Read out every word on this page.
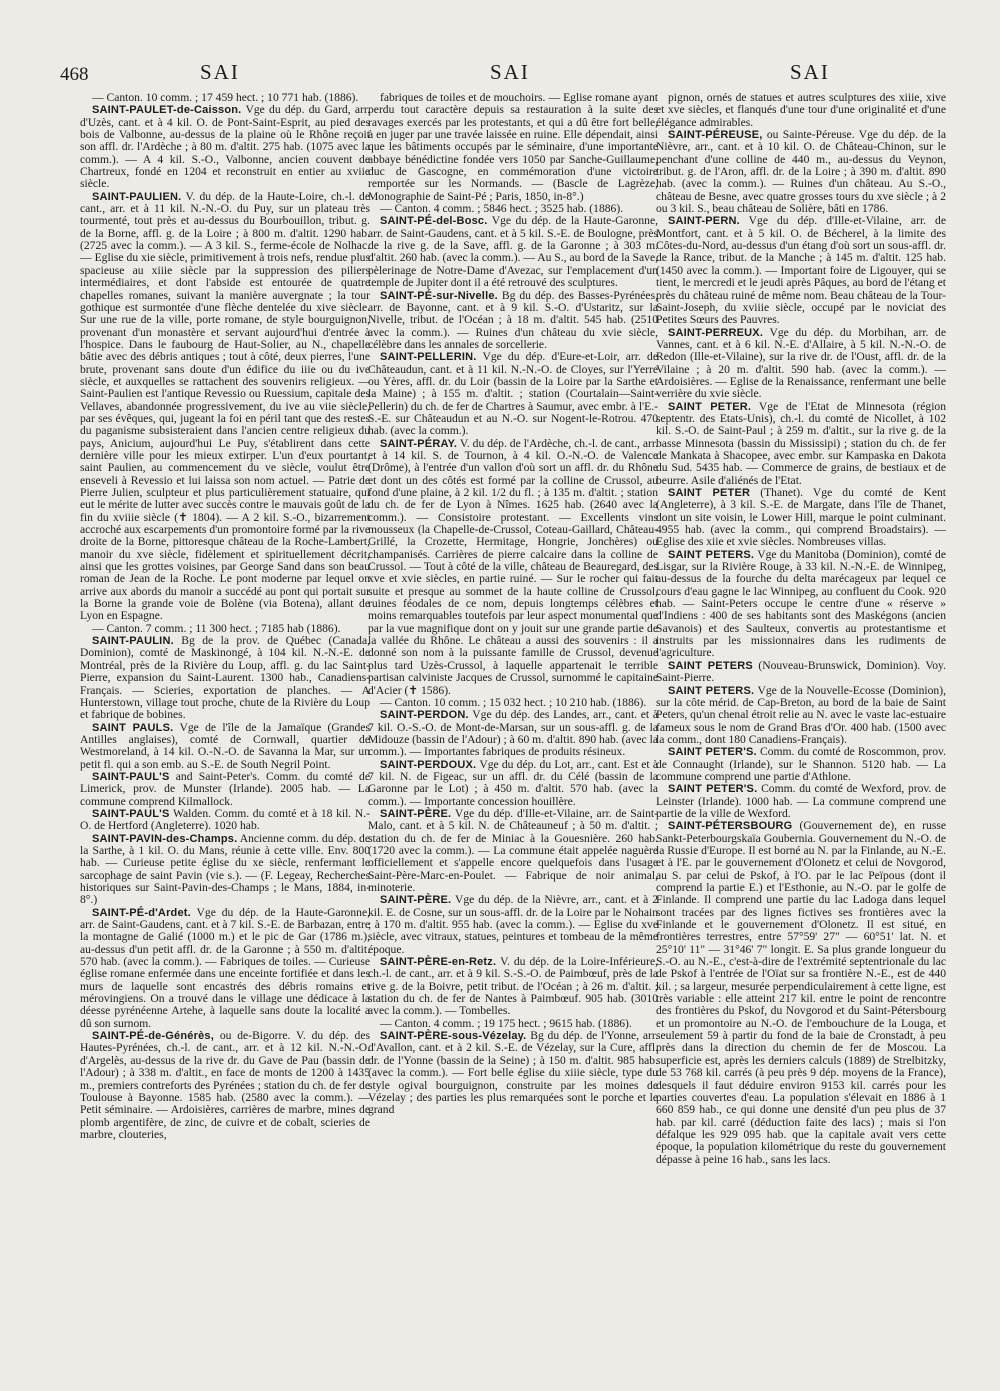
468	SAI	SAI	SAI

— Canton. 10 comm. ; 17 459 hect. ; 10 771 hab. (1886).

SAINT-PAULET-de-Caisson. Vge du dép. du Gard, arr. d'Uzès, cant. et à 4 kil. O. de Pont-Saint-Esprit, au pied des bois de Valbonne, au-dessus de la plaine où le Rhône reçoit son affl. dr. l'Ardèche ; à 80 m. d'altit. 275 hab. (1075 avec la comm.). — A 4 kil. S.-O., Valbonne, ancien couvent de Chartreux, fondé en 1204 et reconstruit en entier au xviie siècle.

SAINT-PAULIEN. V. du dép. de la Haute-Loire, ch.-l. de cant., arr. et à 11 kil. N.-N.-O. du Puy, sur un plateau très tourmenté, tout près et au-dessus du Bourbouillon, tribut. g. de la Borne, affl. g. de la Loire ; à 800 m. d'altit. 1290 hab. (2725 avec la comm.). — A 3 kil. S., ferme-école de Nolhac. — Eglise du xie siècle, primitivement à trois nefs, rendue plus spacieuse au xiiie siècle par la suppression des piliers intermédiaires, et dont l'abside est entourée de quatre chapelles romanes, suivant la manière auvergnate ; la tour gothique est surmontée d'une flèche dentelée du xive siècle. Sur une rue de la ville, porte romane, de style bourguignon, provenant d'un monastère et servant aujourd'hui d'entrée à l'hospice. Dans le faubourg de Haut-Solier, au N., chapelle bâtie avec des débris antiques ; tout à côté, deux pierres, l'une brute, provenant sans doute d'un édifice du iiie ou du ive siècle, et auxquelles se rattachent des souvenirs religieux. — Saint-Paulien est l'antique Revessio ou Ruessium, capitale des Vellaves, abandonnée progressivement, du ive au viie siècle, par ses évêques, qui, jugeant la foi en péril tant que des restes du paganisme subsisteraient dans l'ancien centre religieux du pays, Anicium, aujourd'hui Le Puy, s'établirent dans cette dernière ville pour les mieux extirper. L'un d'eux pourtant, saint Paulien, au commencement du ve siècle, voulut être enseveli à Revessio et lui laissa son nom actuel. — Patrie de Pierre Julien, sculpteur et plus particulièrement statuaire, qui eut le mérite de lutter avec succès contre le mauvais goût de la fin du xviiie siècle (✝ 1804). — A 2 kil. S.-O., bizarrement accroché aux escarpements d'un promontoire formé par la rive droite de la Borne, pittoresque château de la Roche-Lambert, manoir du xve siècle, fidèlement et spirituellement décrit, ainsi que les grottes voisines, par George Sand dans son beau roman de Jean de la Roche. Le pont moderne par lequel on arrive aux abords du manoir a succédé au pont qui portait sur la Borne la grande voie de Bolène (via Botena), allant de Lyon en Espagne.

— Canton. 7 comm. ; 11 300 hect. ; 7185 hab (1886).

SAINT-PAULIN. Bg de la prov. de Québec (Canada, Dominion), comté de Maskinongé, à 104 kil. N.-N.-E. de Montréal, près de la Rivière du Loup, affl. g. du lac Saint-Pierre, expansion du Saint-Laurent. 1300 hab., Canadiens-Français. — Scieries, exportation de planches. — A Hunterstown, village tout proche, chute de la Rivière du Loup et fabrique de bobines.

SAINT PAULS. Vge de l'île de la Jamaïque (Grandes Antilles anglaises), comté de Cornwall, quartier de Westmoreland, à 14 kil. O.-N.-O. de Savanna la Mar, sur un petit fl. qui a son emb. au S.-E. de South Negril Point.

SAINT-PAUL'S and Saint-Peter's. Comm. du comté de Limerick, prov. de Munster (Irlande). 2005 hab. — La commune comprend Kilmallock.

SAINT-PAUL'S Walden. Comm. du comté et à 18 kil. N.-O. de Hertford (Angleterre). 1020 hab.

SAINT-PAVIN-des-Champs. Ancienne comm. du dép. de la Sarthe, à 1 kil. O. du Mans, réunie à cette ville. Env. 800 hab. — Curieuse petite église du xe siècle, renfermant le sarcophage de saint Pavin (vie s.). — (F. Legeay, Recherches historiques sur Saint-Pavin-des-Champs ; le Mans, 1884, in-8°.)

SAINT-PÉ-d'Ardet. Vge du dép. de la Haute-Garonne, arr. de Saint-Gaudens, cant. et à 7 kil. S.-E. de Barbazan, entre la montagne de Galié (1000 m.) et le pic de Gar (1786 m.), au-dessus d'un petit affl. dr. de la Garonne ; à 550 m. d'altit. 570 hab. (avec la comm.). — Fabriques de toiles. — Curieuse église romane enfermée dans une enceinte fortifiée et dans les murs de laquelle sont encastrés des débris romains et mérovingiens. On a trouvé dans le village une dédicace à la déesse pyrénéenne Artehe, à laquelle sans doute la localité a dû son surnom.

SAINT-PÉ-de-Générès, ou de-Bigorre. V. du dép. des Hautes-Pyrénées, ch.-l. de cant., arr. et à 12 kil. N.-N.-O. d'Argelès, au-dessus de la rive dr. du Gave de Pau (bassin de l'Adour) ; à 338 m. d'altit., en face de monts de 1200 à 1435 m., premiers contreforts des Pyrénées ; station du ch. de fer de Toulouse à Bayonne. 1585 hab. (2580 avec la comm.). — Petit séminaire. — Ardoisières, carrières de marbre, mines de plomb argentifère, de zinc, de cuivre et de cobalt, scieries de marbre, clouteries,

fabriques de toiles et de mouchoirs. — Eglise romane ayant perdu tout caractère depuis sa restauration à la suite des ravages exercés par les protestants, et qui a dû être fort belle, à en juger par une travée laissée en ruine. Elle dépendait, ainsi que les bâtiments occupés par le séminaire, d'une importante abbaye bénédictine fondée vers 1050 par Sanche-Guillaume, duc de Gascogne, en commémoration d'une victoire remportée sur les Normands. — (Bascle de Lagrèze, Monographie de Saint-Pé ; Paris, 1850, in-8°.)

— Canton. 4 comm. ; 5846 hect. ; 3525 hab. (1886).

SAINT-PÉ-del-Bosc. Vge du dép. de la Haute-Garonne, arr. de Saint-Gaudens, cant. et à 5 kil. S.-E. de Boulogne, près de la rive g. de la Save, affl. g. de la Garonne ; à 303 m. d'altit. 260 hab. (avec la comm.). — Au S., au bord de la Save, pèlerinage de Notre-Dame d'Avezac, sur l'emplacement d'un temple de Jupiter dont il a été retrouvé des sculptures.

SAINT-PÉ-sur-Nivelle. Bg du dép. des Basses-Pyrénées, arr. de Bayonne, cant. et à 9 kil. S.-O. d'Ustaritz, sur la Nivelle, tribut. de l'Océan ; à 18 m. d'altit. 545 hab. (2510 avec la comm.). — Ruines d'un château du xvie siècle, célèbre dans les annales de sorcellerie.

SAINT-PELLERIN. Vge du dép. d'Eure-et-Loir, arr. de Châteaudun, cant. et à 11 kil. N.-N.-O. de Cloyes, sur l'Yerre ou Yères, affl. dr. du Loir (bassin de la Loire par la Sarthe et la Maine) ; à 155 m. d'altit. ; station (Courtalain—Saint-Pellerin) du ch. de fer de Chartres à Saumur, avec embr. à l'E.-S.-E. sur Châteaudun et au N.-O. sur Nogent-le-Rotrou. 470 hab. (avec la comm.).

SAINT-PÉRAY. V. du dép. de l'Ardèche, ch.-l. de cant., arr. et à 14 kil. S. de Tournon, à 4 kil. O.-N.-O. de Valence (Drôme), à l'entrée d'un vallon d'où sort un affl. dr. du Rhône et dont un des côtés est formé par la colline de Crussol, au fond d'une plaine, à 2 kil. 1/2 du fl. ; à 135 m. d'altit. ; station du ch. de fer de Lyon à Nîmes. 1625 hab. (2640 avec la comm.). — Consistoire protestant. — Excellents vins mousseux (la Chapelle-de-Crussol, Coteau-Gaillard, Château-Grillé, la Crozette, Hermitage, Hongrie, Jonchères) ou champanisés. Carrières de pierre calcaire dans la colline de Crussol. — Tout à côté de la ville, château de Beauregard, des xve et xvie siècles, en partie ruiné. — Sur le rocher qui fait suite et presque au sommet de la haute colline de Crussol, ruines féodales de ce nom, depuis longtemps célèbres et moins remarquables toutefois par leur aspect monumental que par la vue magnifique dont on y jouit sur une grande partie de la vallée du Rhône. Le château a aussi des souvenirs : il a donné son nom à la puissante famille de Crussol, devenue plus tard Uzès-Crussol, à laquelle appartenait le terrible partisan calviniste Jacques de Crussol, surnommé le capitaine d'Acier (✝ 1586).

— Canton. 10 comm. ; 15 032 hect. ; 10 210 hab. (1886).

SAINT-PERDON. Vge du dép. des Landes, arr., cant. et à 7 kil. O.-S.-O. de Mont-de-Marsan, sur un sous-affl. g. de la Midouze (bassin de l'Adour) ; à 60 m. d'altit. 890 hab. (avec la comm.). — Importantes fabriques de produits résineux.

SAINT-PERDOUX. Vge du dép. du Lot, arr., cant. Est et à 7 kil. N. de Figeac, sur un affl. dr. du Célé (bassin de la Garonne par le Lot) ; à 450 m. d'altit. 570 hab. (avec la comm.). — Importante concession houillère.

SAINT-PÈRE. Vge du dép. d'Ille-et-Vilaine, arr. de Saint-Malo, cant. et à 5 kil. N. de Châteauneuf ; à 50 m. d'altit. ; station du ch. de fer de Miniac à la Gouesnière. 260 hab. (1720 avec la comm.). — La commune était appelée naguère officiellement et s'appelle encore quelquefois dans l'usage Saint-Père-Marc-en-Poulet. — Fabrique de noir animal, minoterie.

SAINT-PÈRE. Vge du dép. de la Nièvre, arr., cant. et à 2 kil. E. de Cosne, sur un sous-affl. dr. de la Loire par le Nohain ; à 170 m. d'altit. 955 hab. (avec la comm.). — Eglise du xve siècle, avec vitraux, statues, peintures et tombeau de la même époque.

SAINT-PÈRE-en-Retz. V. du dép. de la Loire-Inférieure, ch.-l. de cant., arr. et à 9 kil. S.-S.-O. de Paimbœuf, près de la rive g. de la Boivre, petit tribut. de l'Océan ; à 26 m. d'altit. ; station du ch. de fer de Nantes à Paimbœuf. 905 hab. (3010 avec la comm.). — Tombelles.

— Canton. 4 comm. ; 19 175 hect. ; 9615 hab. (1886).

SAINT-PÈRE-sous-Vézelay. Bg du dép. de l'Yonne, arr. d'Avallon, cant. et à 2 kil. S.-E. de Vézelay, sur la Cure, affl. dr. de l'Yonne (bassin de la Seine) ; à 150 m. d'altit. 985 hab. (avec la comm.). — Fort belle église du xiiie siècle, type du style ogival bourguignon, construite par les moines de Vézelay ; des parties les plus remarquées sont le porche et le grand

pignon, ornés de statues et autres sculptures des xiiie, xive et xve siècles, et flanqués d'une tour d'une originalité et d'une élégance admirables.

SAINT-PÉREUSE, ou Sainte-Péreuse. Vge du dép. de la Nièvre, arr., cant. et à 10 kil. O. de Château-Chinon, sur le penchant d'une colline de 440 m., au-dessus du Veynon, tribut. g. de l'Aron, affl. dr. de la Loire ; à 390 m. d'altit. 890 hab. (avec la comm.). — Ruines d'un château. Au S.-O., château de Besne, avec quatre grosses tours du xve siècle ; à 2 ou 3 kil. S., beau château de Solière, bâti en 1786.

SAINT-PERN. Vge du dép. d'Ille-et-Vilaine, arr. de Montfort, cant. et à 5 kil. O. de Bécherel, à la limite des Côtes-du-Nord, au-dessus d'un étang d'où sort un sous-affl. dr. de la Rance, tribut. de la Manche ; à 145 m. d'altit. 125 hab. (1450 avec la comm.). — Important foire de Ligouyer, qui se tient, le mercredi et le jeudi après Pâques, au bord de l'étang et près du château ruiné de même nom. Beau château de la Tour-Saint-Joseph, du xviiie siècle, occupé par le noviciat des Petites Sœurs des Pauvres.

SAINT-PERREUX. Vge du dép. du Morbihan, arr. de Vannes, cant. et à 6 kil. N.-E. d'Allaire, à 5 kil. N.-N.-O. de Redon (Ille-et-Vilaine), sur la rive dr. de l'Oust, affl. dr. de la Vilaine ; à 20 m. d'altit. 590 hab. (avec la comm.). — Ardoisières. — Eglise de la Renaissance, renfermant une belle verrière du xvie siècle.

SAINT PETER. Vge de l'Etat de Minnesota (région septentr. des Etats-Unis), ch.-l. du comté de Nicollet, à 102 kil. S.-O. de Saint-Paul ; à 259 m. d'altit., sur la rive g. de la basse Minnesota (bassin du Mississipi) ; station du ch. de fer de Mankata à Shacopee, avec embr. sur Kampaska en Dakota du Sud. 5435 hab. — Commerce de grains, de bestiaux et de beurre. Asile d'aliénés de l'Etat.

SAINT PETER (Thanet). Vge du comté de Kent (Angleterre), à 3 kil. S.-E. de Margate, dans l'île de Thanet, dont un site voisin, le Lower Hill, marque le point culminant. 4955 hab. (avec la comm., qui comprend Broadstairs). — Eglise des xiie et xvie siècles. Nombreuses villas.

SAINT PETERS. Vge du Manitoba (Dominion), comté de Lisgar, sur la Rivière Rouge, à 33 kil. N.-N.-E. de Winnipeg, au-dessus de la fourche du delta marécageux par lequel ce cours d'eau gagne le lac Winnipeg, au confluent du Cook. 920 hab. — Saint-Peters occupe le centre d'une « réserve » d'Indiens : 400 de ses habitants sont des Maskégons (ancien Savanois) et des Saulteux, convertis au protestantisme et instruits par les missionnaires dans les rudiments de l'agriculture.

SAINT PETERS (Nouveau-Brunswick, Dominion). Voy. Saint-Pierre.

SAINT PETERS. Vge de la Nouvelle-Ecosse (Dominion), sur la côte mérid. de Cap-Breton, au bord de la baie de Saint Peters, qu'un chenal étroit relie au N. avec le vaste lac-estuaire fameux sous le nom de Grand Bras d'Or. 400 hab. (1500 avec la comm., dont 180 Canadiens-Français).

SAINT PETER'S. Comm. du comté de Roscommon, prov. de Connaught (Irlande), sur le Shannon. 5120 hab. — La commune comprend une partie d'Athlone.

SAINT PETER'S. Comm. du comté de Wexford, prov. de Leinster (Irlande). 1000 hab. — La commune comprend une partie de la ville de Wexford.

SAINT-PÉTERSBOURG (Gouvernement de), en russe Sankt-Peterbourgskaïa Goubernia. Gouvernement du N.-O. de la Russie d'Europe. Il est borné au N. par la Finlande, au N.-E. et à l'E. par le gouvernement d'Olonetz et celui de Novgorod, au S. par celui de Pskof, à l'O. par le lac Peïpous (dont il comprend la partie E.) et l'Esthonie, au N.-O. par le golfe de Finlande. Il comprend une partie du lac Ladoga dans lequel sont tracées par des lignes fictives ses frontières avec la Finlande et le gouvernement d'Olonetz. Il est situé, en frontières terrestres, entre 57°59' 27" — 60°51' lat. N. et 25°10' 11" — 31°46' 7" longit. E. Sa plus grande longueur du S.-O. au N.-E., c'est-à-dire de l'extrémité septentrionale du lac de Pskof à l'entrée de l'Oïat sur sa frontière N.-E., est de 440 kil. ; sa largeur, mesurée perpendiculairement à cette ligne, est très variable : elle atteint 217 kil. entre le point de rencontre des frontières du Pskof, du Novgorod et du Saint-Pétersbourg et un promontoire au N.-O. de l'embouchure de la Louga, et seulement 59 à partir du fond de la baie de Cronstadt, à peu près dans la direction du chemin de fer de Moscou. La superficie est, après les derniers calculs (1889) de Strelbitzky, de 53 768 kil. carrés (à peu près 9 dép. moyens de la France), desquels il faut déduire environ 9153 kil. carrés pour les parties couvertes d'eau. La population s'élevait en 1886 à 1 660 859 hab., ce qui donne une densité d'un peu plus de 37 hab. par kil. carré (déduction faite des lacs) ; mais si l'on défalque les 929 095 hab. que la capitale avait vers cette époque, la population kilométrique du reste du gouvernement dépasse à peine 16 hab., sans les lacs.
